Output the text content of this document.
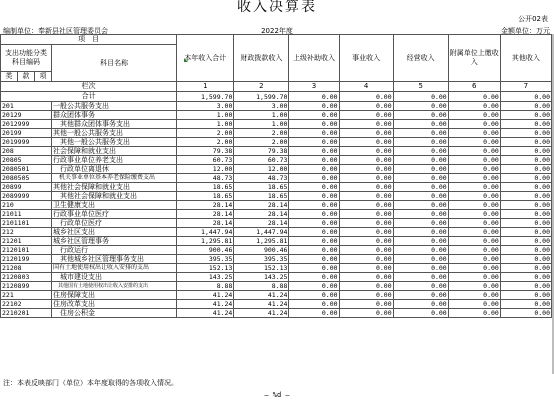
收入决算表
公开02表
编制单位：奉新县社区管理委员会	2022年度	金额单位：万元
项　目				本年收入合计	财政拨款收入	上级补助收入	事业收入	经营收入	附属单位上缴收入	其他收入
支出功能分类科目编码			科目名称							
类	款	项								
栏次				1	2	3	4	5	6	7
合计				1,599.70	1,599.70	0.00	0.00	0.00	0.00	0.00
201			一般公共服务支出	3.00	3.00	0.00	0.00	0.00	0.00	0.00
20129			群众团体事务	1.00	1.00	0.00	0.00	0.00	0.00	0.00
2012999			　其他群众团体事务支出	1.00	1.00	0.00	0.00	0.00	0.00	0.00
20199			其他一般公共服务支出	2.00	2.00	0.00	0.00	0.00	0.00	0.00
2019999			　其他一般公共服务支出	2.00	2.00	0.00	0.00	0.00	0.00	0.00
208			社会保障和就业支出	79.38	79.38	0.00	0.00	0.00	0.00	0.00
20805			行政事业单位养老支出	60.73	60.73	0.00	0.00	0.00	0.00	0.00
2080501			　行政单位离退休	12.00	12.00	0.00	0.00	0.00	0.00	0.00
2080505			　机关事业单位基本养老保险缴费支出	48.73	48.73	0.00	0.00	0.00	0.00	0.00
20899			其他社会保障和就业支出	18.65	18.65	0.00	0.00	0.00	0.00	0.00
2089999			　其他社会保障和就业支出	18.65	18.65	0.00	0.00	0.00	0.00	0.00
210			卫生健康支出	28.14	28.14	0.00	0.00	0.00	0.00	0.00
21011			行政事业单位医疗	28.14	28.14	0.00	0.00	0.00	0.00	0.00
2101101			　行政单位医疗	28.14	28.14	0.00	0.00	0.00	0.00	0.00
212			城乡社区支出	1,447.94	1,447.94	0.00	0.00	0.00	0.00	0.00
21201			城乡社区管理事务	1,295.81	1,295.81	0.00	0.00	0.00	0.00	0.00
2120101			　行政运行	900.46	900.46	0.00	0.00	0.00	0.00	0.00
2120199			　其他城乡社区管理事务支出	395.35	395.35	0.00	0.00	0.00	0.00	0.00
21208			国有土地使用权出让收入安排的支出	152.13	152.13	0.00	0.00	0.00	0.00	0.00
2120803			　城市建设支出	143.25	143.25	0.00	0.00	0.00	0.00	0.00
2120899			　其他国有土地使用权出让收入安排的支出	8.88	8.88	0.00	0.00	0.00	0.00	0.00
221			住房保障支出	41.24	41.24	0.00	0.00	0.00	0.00	0.00
22102			住房改革支出	41.24	41.24	0.00	0.00	0.00	0.00	0.00
2210201			　住房公积金	41.24	41.24	0.00	0.00	0.00	0.00	0.00
注：本表反映部门（单位）本年度取得的各项收入情况。
— %d —
